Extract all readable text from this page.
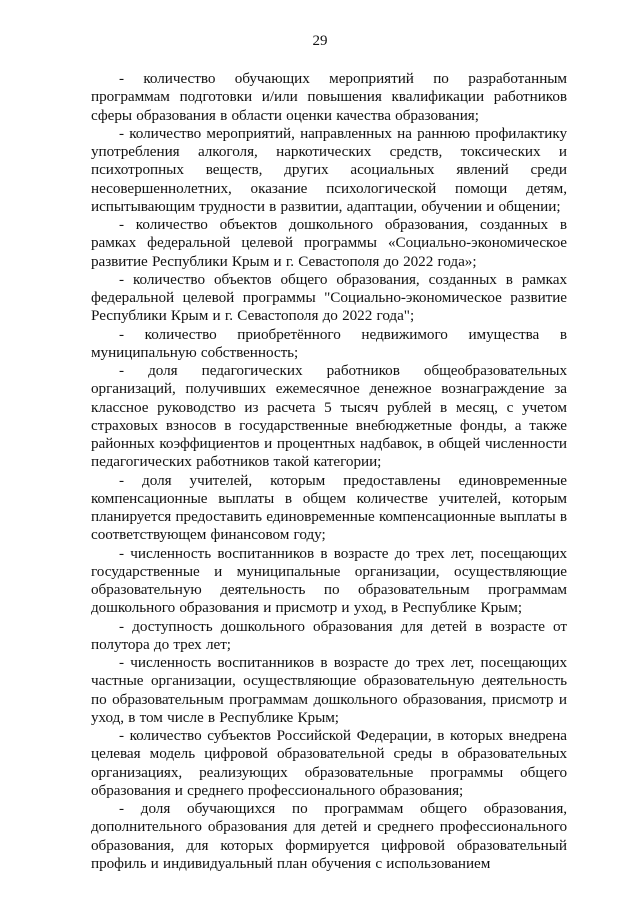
29

- количество обучающих мероприятий по разработанным программам подготовки и/или повышения квалификации работников сферы образования в области оценки качества образования;

- количество мероприятий, направленных на раннюю профилактику употребления алкоголя, наркотических средств, токсических и психотропных веществ, других асоциальных явлений среди несовершеннолетних, оказание психологической помощи детям, испытывающим трудности в развитии, адаптации, обучении и общении;

- количество объектов дошкольного образования, созданных в рамках федеральной целевой программы «Социально-экономическое развитие Республики Крым и г. Севастополя до 2022 года»;

- количество объектов общего образования, созданных в рамках федеральной целевой программы "Социально-экономическое развитие Республики Крым и г. Севастополя до 2022 года";

- количество приобретённого недвижимого имущества в муниципальную собственность;

- доля педагогических работников общеобразовательных организаций, получивших ежемесячное денежное вознаграждение за классное руководство из расчета 5 тысяч рублей в месяц, с учетом страховых взносов в государственные внебюджетные фонды, а также районных коэффициентов и процентных надбавок, в общей численности педагогических работников такой категории;

- доля учителей, которым предоставлены единовременные компенсационные выплаты в общем количестве учителей, которым планируется предоставить единовременные компенсационные выплаты в соответствующем финансовом году;

- численность воспитанников в возрасте до трех лет, посещающих государственные и муниципальные организации, осуществляющие образовательную деятельность по образовательным программам дошкольного образования и присмотр и уход, в Республике Крым;

- доступность дошкольного образования для детей в возрасте от полутора до трех лет;

- численность воспитанников в возрасте до трех лет, посещающих частные организации, осуществляющие образовательную деятельность по образовательным программам дошкольного образования, присмотр и уход, в том числе в Республике Крым;

- количество субъектов Российской Федерации, в которых внедрена целевая модель цифровой образовательной среды в образовательных организациях, реализующих образовательные программы общего образования и среднего профессионального образования;

- доля обучающихся по программам общего образования, дополнительного образования для детей и среднего профессионального образования, для которых формируется цифровой образовательный профиль и индивидуальный план обучения с использованием
